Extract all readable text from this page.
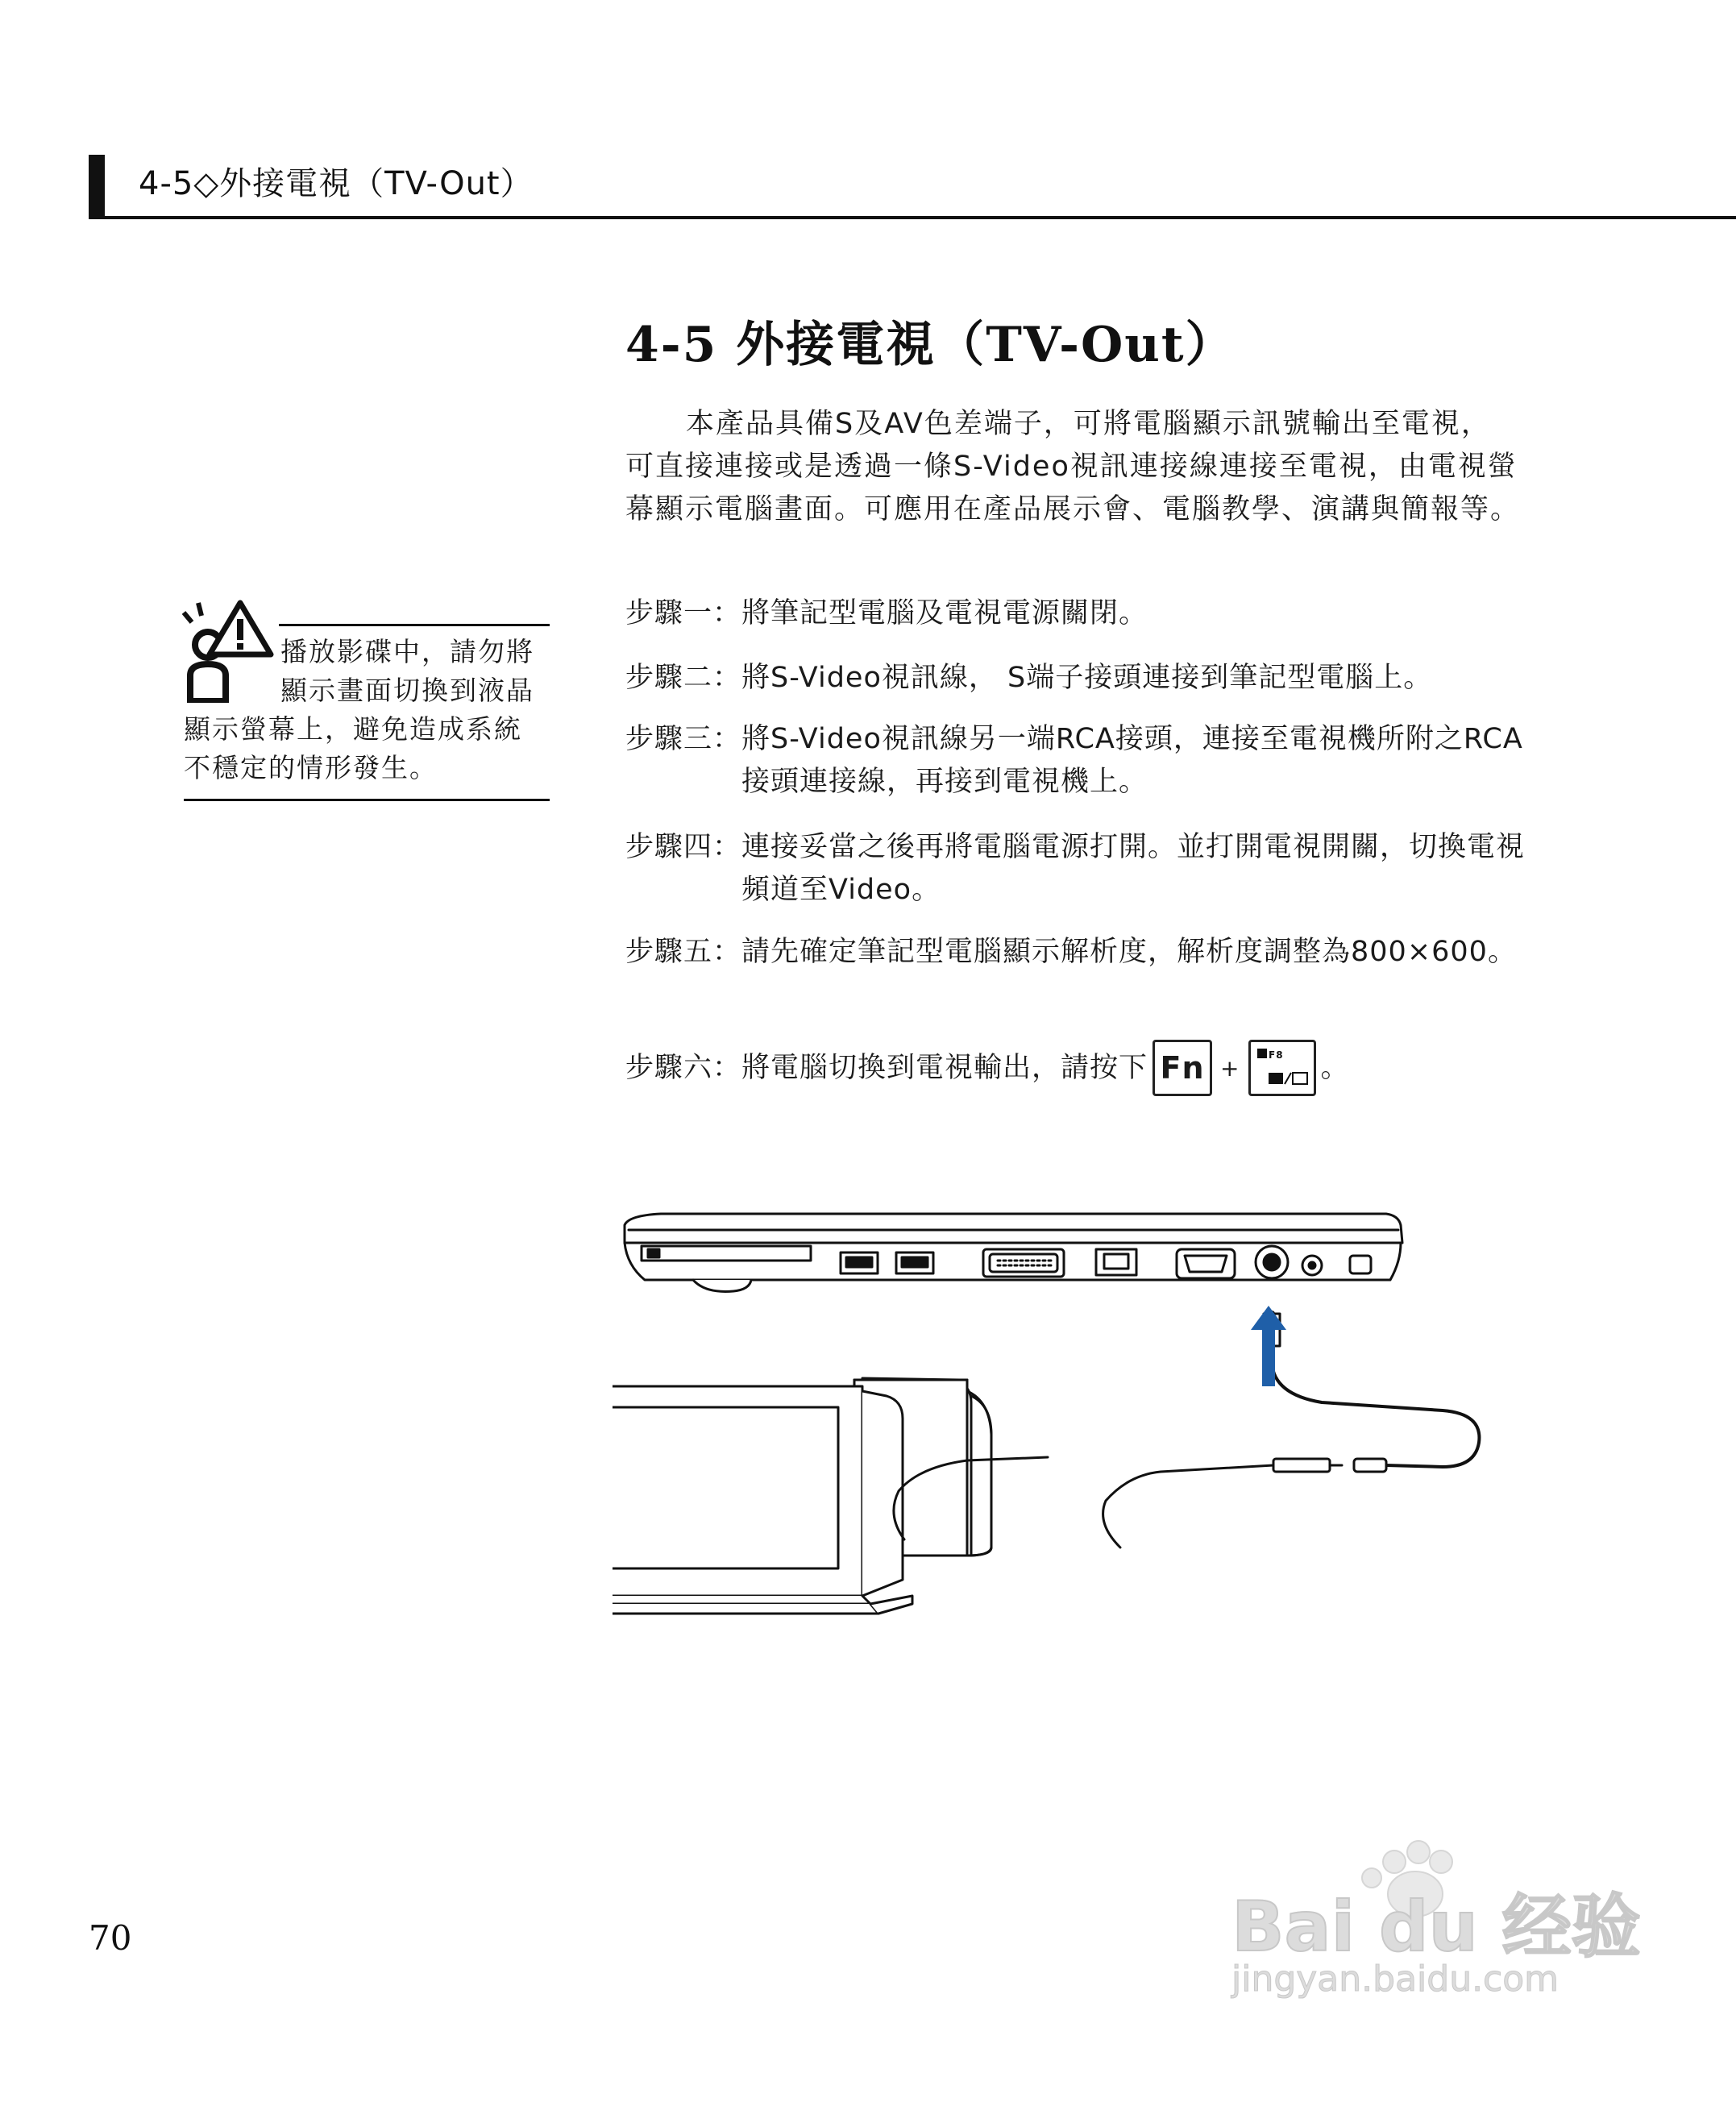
4-5◇外接電視（TV-Out）
4-5 外接電視（TV-Out）
本產品具備S及AV色差端子，可將電腦顯示訊號輸出至電視，可直接連接或是透過一條S-Video視訊連接線連接至電視，由電視螢幕顯示電腦畫面。可應用在產品展示會、電腦教學、演講與簡報等。
步驟一： 將筆記型電腦及電視電源關閉。
步驟二： 將S-Video視訊線， S端子接頭連接到筆記型電腦上。
步驟三： 將S-Video視訊線另一端RCA接頭，連接至電視機所附之RCA接頭連接線，再接到電視機上。
步驟四： 連接妥當之後再將電腦電源打開。並打開電視開關，切換電視頻道至Video。
步驟五： 請先確定筆記型電腦顯示解析度，解析度調整為800×600。
步驟六： 將電腦切換到電視輸出，請按下 Fn +	F8 。
播放影碟中，請勿將
顯示畫面切換到液晶
顯示螢幕上，避免造成系統
不穩定的情形發生。
70	Bai du 经验
jingyan.baidu.com
